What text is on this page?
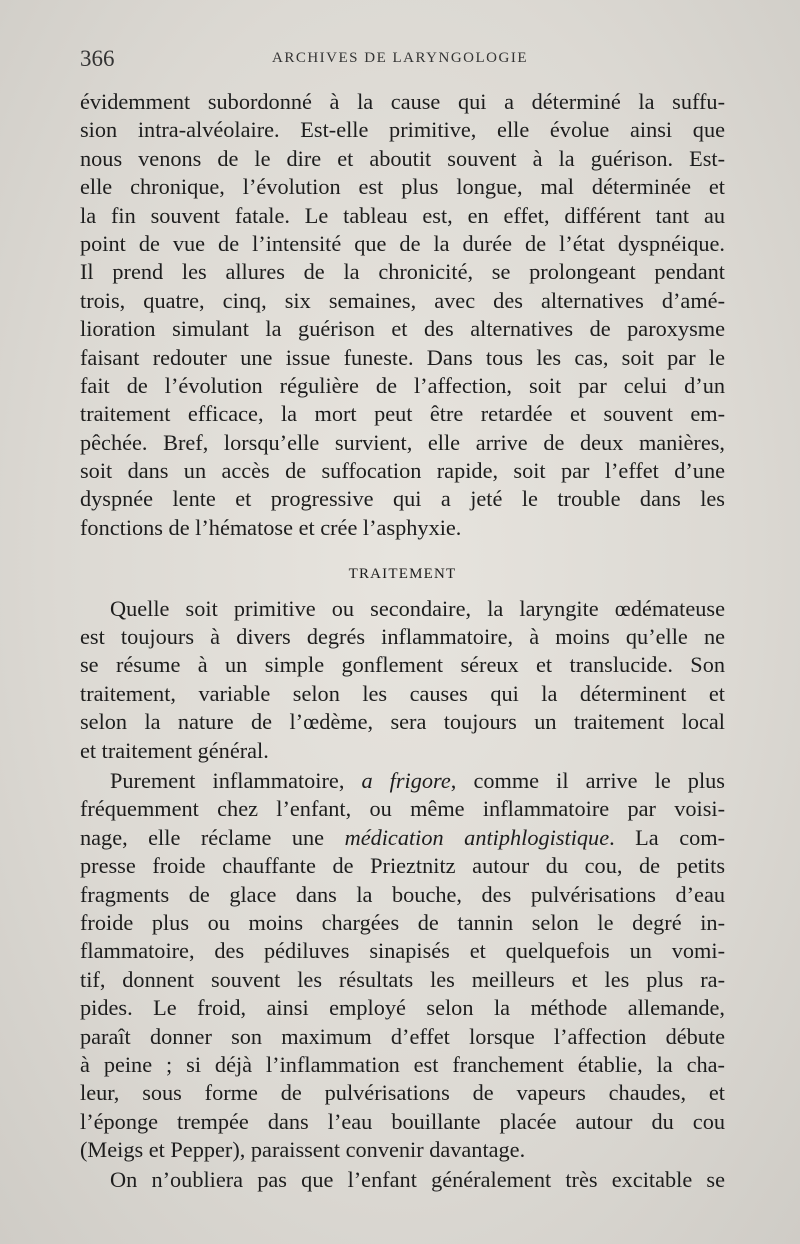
366	ARCHIVES DE LARYNGOLOGIE
évidemment subordonné à la cause qui a déterminé la suffu-
sion intra-alvéolaire. Est-elle primitive, elle évolue ainsi que
nous venons de le dire et aboutit souvent à la guérison. Est-
elle chronique, l’évolution est plus longue, mal déterminée et
la fin souvent fatale. Le tableau est, en effet, différent tant au
point de vue de l’intensité que de la durée de l’état dyspnéique.
Il prend les allures de la chronicité, se prolongeant pendant
trois, quatre, cinq, six semaines, avec des alternatives d’amé-
lioration simulant la guérison et des alternatives de paroxysme
faisant redouter une issue funeste. Dans tous les cas, soit par le
fait de l’évolution régulière de l’affection, soit par celui d’un
traitement efficace, la mort peut être retardée et souvent em-
pêchée. Bref, lorsqu’elle survient, elle arrive de deux manières,
soit dans un accès de suffocation rapide, soit par l’effet d’une
dyspnée lente et progressive qui a jeté le trouble dans les
fonctions de l’hématose et crée l’asphyxie.
TRAITEMENT
Quelle soit primitive ou secondaire, la laryngite œdémateuse
est toujours à divers degrés inflammatoire, à moins qu’elle ne
se résume à un simple gonflement séreux et translucide. Son
traitement, variable selon les causes qui la déterminent et
selon la nature de l’œdème, sera toujours un traitement local
et traitement général.
Purement inflammatoire, a frigore, comme il arrive le plus
fréquemment chez l’enfant, ou même inflammatoire par voisi-
nage, elle réclame une médication antiphlogistique. La com-
presse froide chauffante de Prieztnitz autour du cou, de petits
fragments de glace dans la bouche, des pulvérisations d’eau
froide plus ou moins chargées de tannin selon le degré in-
flammatoire, des pédiluves sinapisés et quelquefois un vomi-
tif, donnent souvent les résultats les meilleurs et les plus ra-
pides. Le froid, ainsi employé selon la méthode allemande,
paraît donner son maximum d’effet lorsque l’affection débute
à peine ; si déjà l’inflammation est franchement établie, la cha-
leur, sous forme de pulvérisations de vapeurs chaudes, et
l’éponge trempée dans l’eau bouillante placée autour du cou
(Meigs et Pepper), paraissent convenir davantage.
On n’oubliera pas que l’enfant généralement très excitable se
